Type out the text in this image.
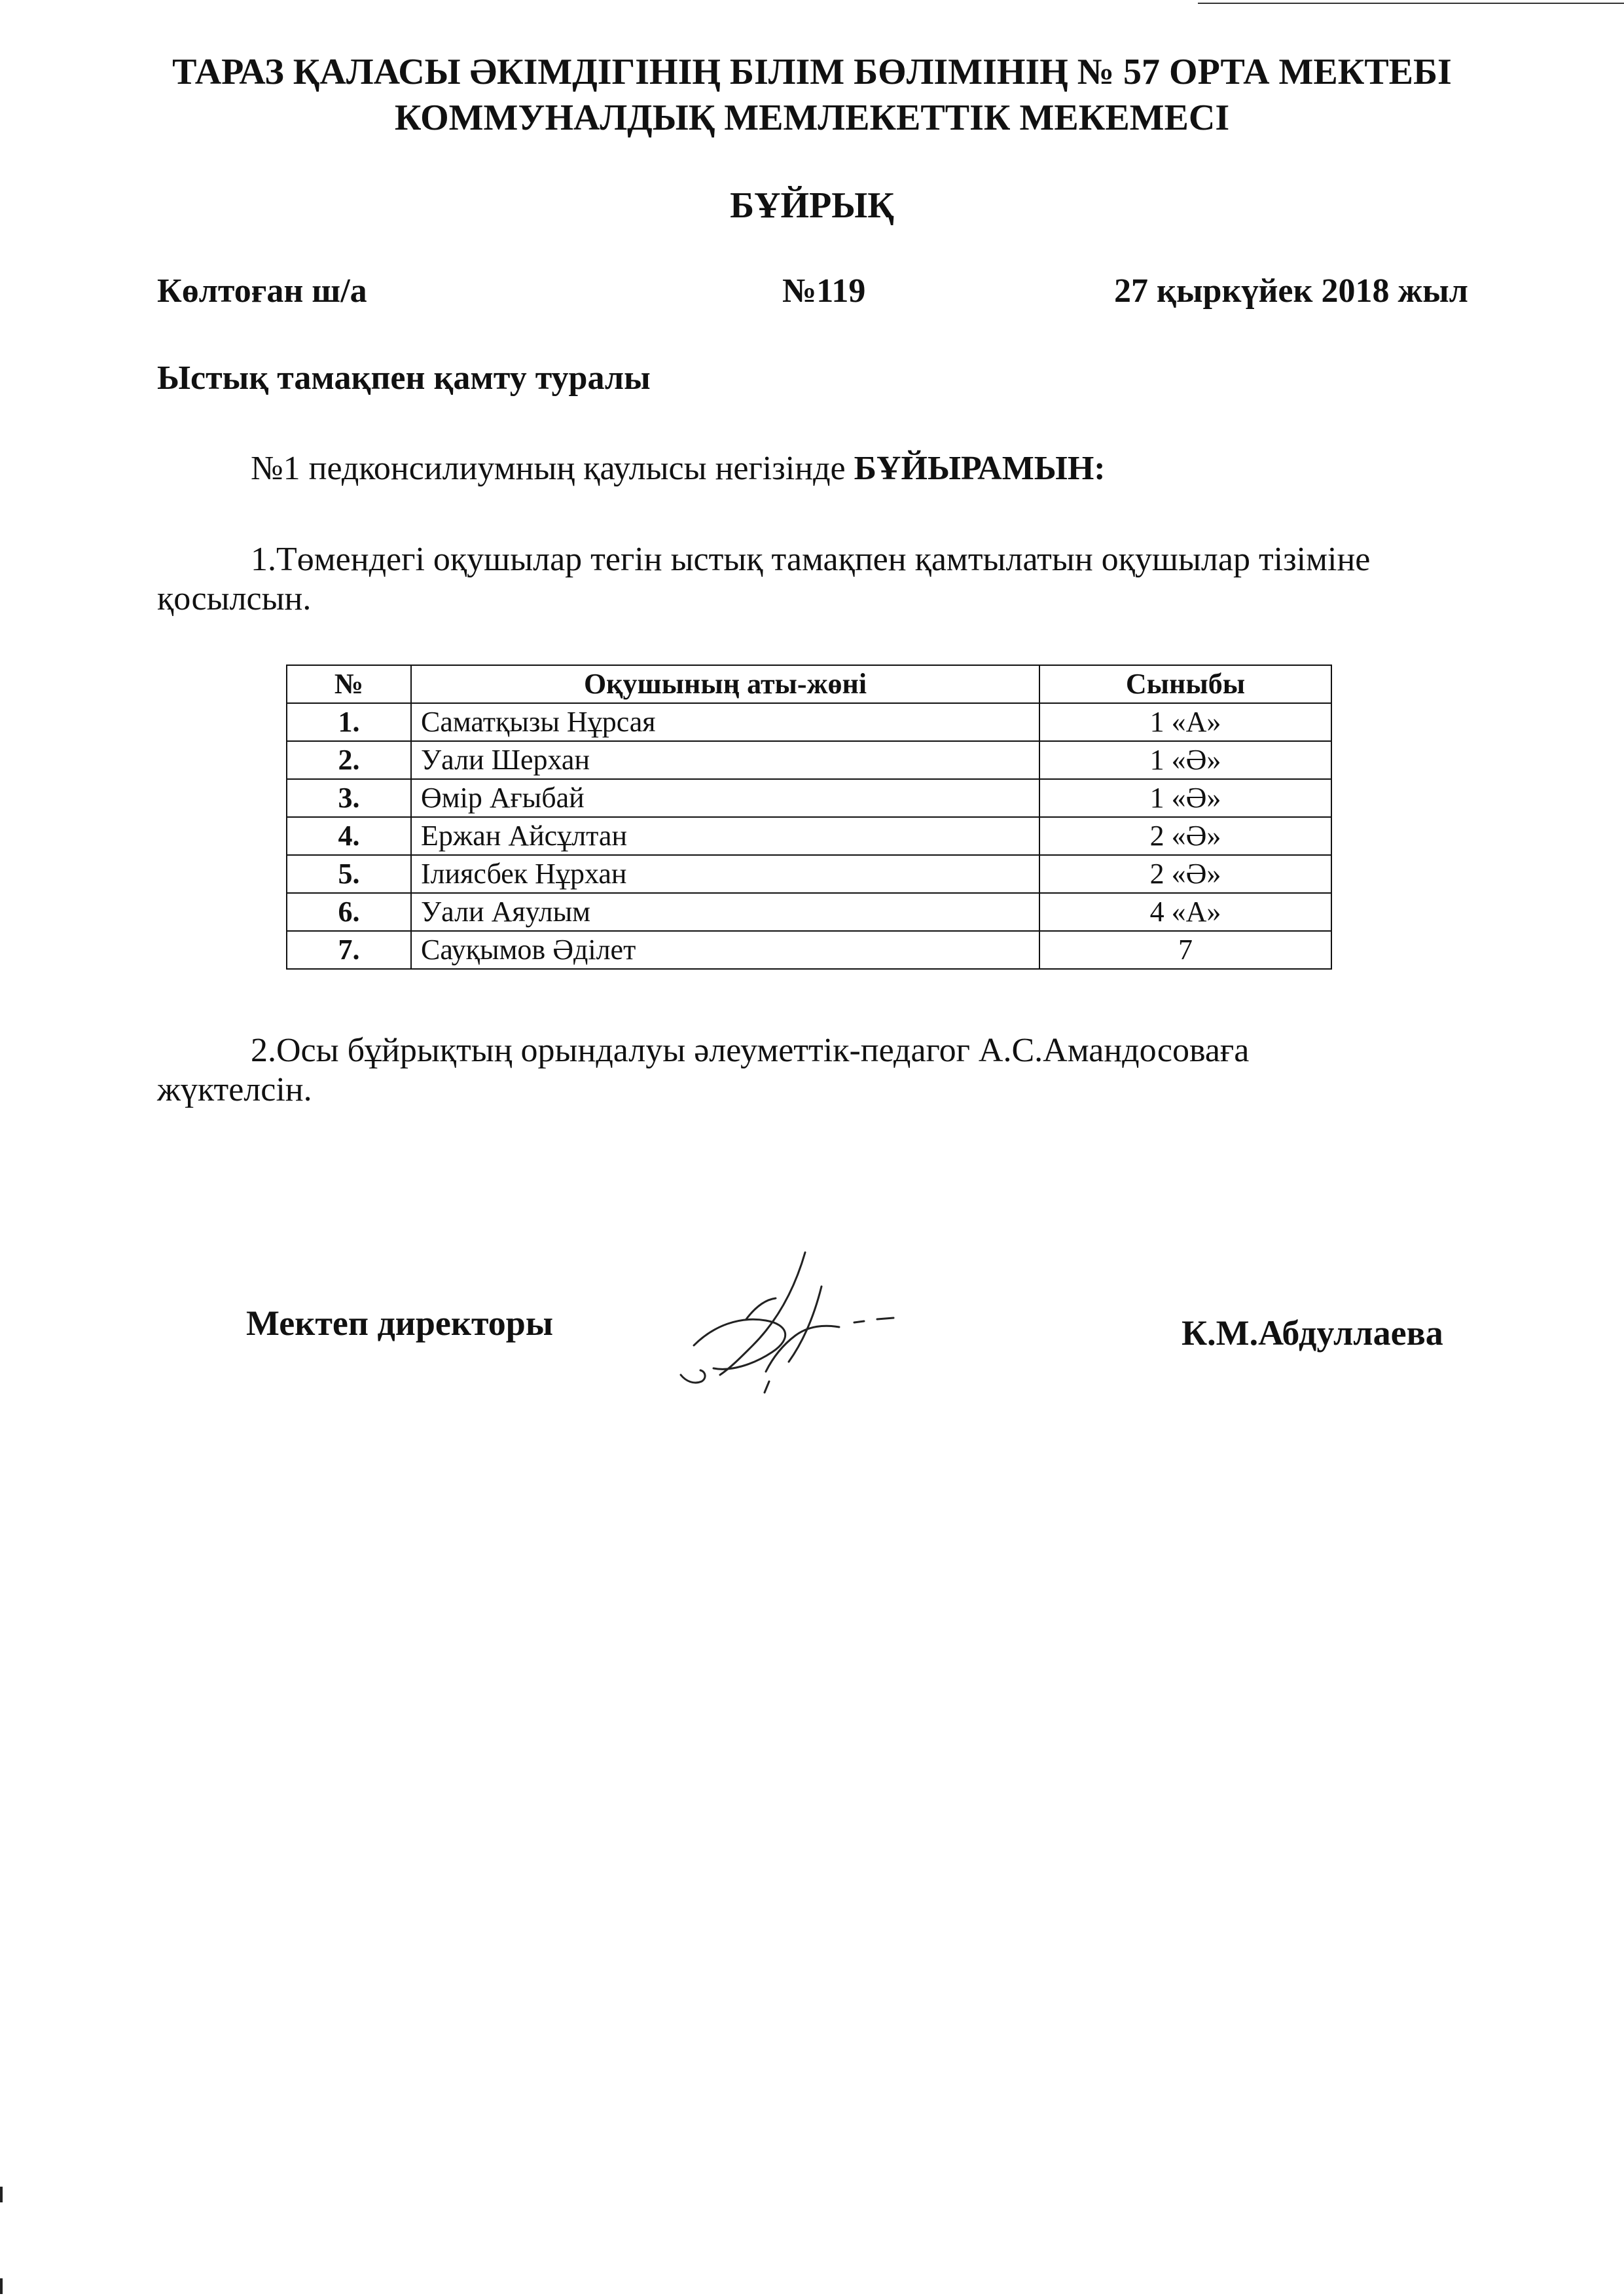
ТАРАЗ ҚАЛАСЫ ӘКІМДІГІНІҢ БІЛІМ БӨЛІМІНІҢ № 57 ОРТА МЕКТЕБІ
КОММУНАЛДЫҚ МЕМЛЕКЕТТІК МЕКЕМЕСІ
БҰЙРЫҚ
Көлтоған ш/а	№119	27 қыркүйек 2018 жыл
Ыстық тамақпен қамту туралы
№1 педконсилиумның қаулысы негізінде БҰЙЫРАМЫН:
1.Төмендегі оқушылар тегін ыстық тамақпен қамтылатын оқушылар тізіміне
қосылсын.
№	Оқушының аты-жөні	Сыныбы
1.	Саматқызы Нұрсая	1 «А»
2.	Уали Шерхан	1 «Ә»
3.	Өмір Ағыбай	1 «Ә»
4.	Ержан Айсұлтан	2 «Ә»
5.	Ілиясбек Нұрхан	2 «Ә»
6.	Уали Аяулым	4 «А»
7.	Сауқымов Әділет	7
2.Осы бұйрықтың орындалуы әлеуметтік-педагог А.С.Амандосоваға
жүктелсін.
Мектеп директоры	К.М.Абдуллаева
